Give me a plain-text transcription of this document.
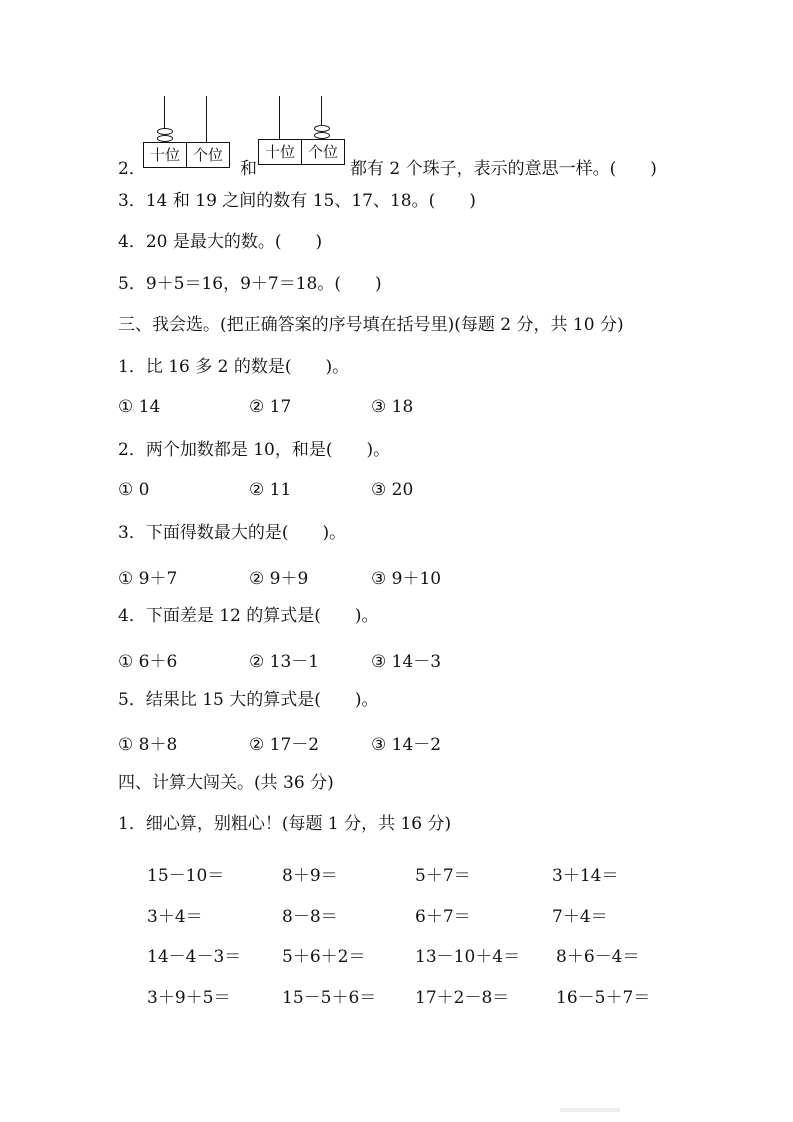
2．
十位 个位
和
十位 个位
都有 2 个珠子，表示的意思一样。(　　)
3．14 和 19 之间的数有 15、17、18。(　　)
4．20 是最大的数。(　　)
5．9＋5＝16，9＋7＝18。(　　)
三、我会选。(把正确答案的序号填在括号里)(每题 2 分，共 10 分)
1．比 16 多 2 的数是(　　)。
① 14	② 17	③ 18
2．两个加数都是 10，和是(　　)。
① 0	② 11	③ 20
3．下面得数最大的是(　　)。
① 9＋7	② 9＋9	③ 9＋10
4．下面差是 12 的算式是(　　)。
① 6＋6	② 13－1	③ 14－3
5．结果比 15 大的算式是(　　)。
① 8＋8	② 17－2	③ 14－2
四、计算大闯关。(共 36 分)
1．细心算，别粗心！(每题 1 分，共 16 分)
15－10＝	8＋9＝	5＋7＝	3＋14＝
3＋4＝	8－8＝	6＋7＝	7＋4＝
14－4－3＝ 5＋6＋2＝	13－10＋4＝ 8＋6－4＝
3＋9＋5＝	15－5＋6＝ 17＋2－8＝	16－5＋7＝
